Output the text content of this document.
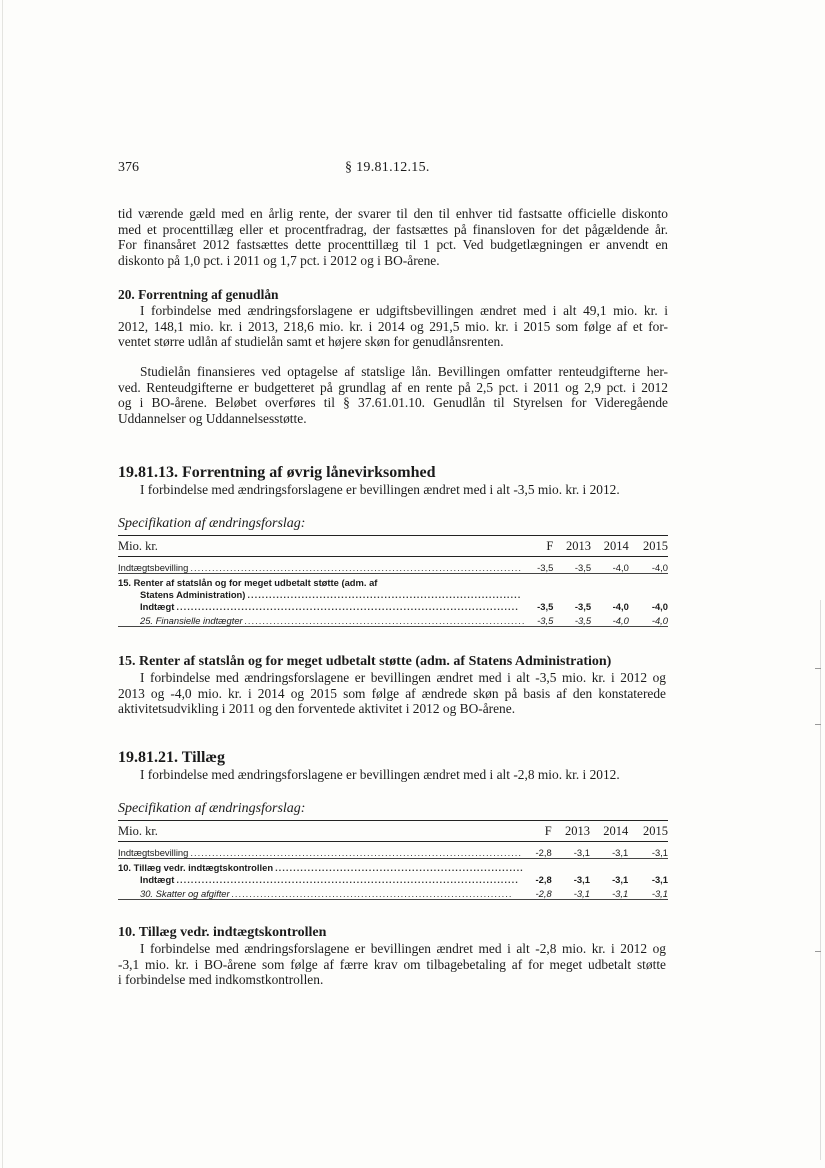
376	§ 19.81.12.15.
tid værende gæld med en årlig rente, der svarer til den til enhver tid fastsatte officielle diskonto
med et procenttillæg eller et procentfradrag, der fastsættes på finansloven for det pågældende år.
For finansåret 2012 fastsættes dette procenttillæg til 1 pct. Ved budgetlægningen er anvendt en
diskonto på 1,0 pct. i 2011 og 1,7 pct. i 2012 og i BO-årene.
20. Forrentning af genudlån
I forbindelse med ændringsforslagene er udgiftsbevillingen ændret med i alt 49,1 mio. kr. i
2012, 148,1 mio. kr. i 2013, 218,6 mio. kr. i 2014 og 291,5 mio. kr. i 2015 som følge af et for-
ventet større udlån af studielån samt et højere skøn for genudlånsrenten.
Studielån finansieres ved optagelse af statslige lån. Bevillingen omfatter renteudgifterne her-
ved. Renteudgifterne er budgetteret på grundlag af en rente på 2,5 pct. i 2011 og 2,9 pct. i 2012
og i BO-årene. Beløbet overføres til § 37.61.01.10. Genudlån til Styrelsen for Videregående
Uddannelser og Uddannelsesstøtte.
19.81.13. Forrentning af øvrig lånevirksomhed
I forbindelse med ændringsforslagene er bevillingen ændret med i alt -3,5 mio. kr. i 2012.
Specifikation af ændringsforslag:
Mio. kr.	F	2013	2014	2015
Indtægtsbevilling ............................................................................................	-3,5	-3,5	-4,0	-4,0
15. Renter af statslån og for meget udbetalt støtte (adm. af				
Statens Administration) ............................................................................				
Indtægt ...............................................................................................	-3,5	-3,5	-4,0	-4,0
25. Finansielle indtægter ..............................................................................	-3,5	-3,5	-4,0	-4,0
15. Renter af statslån og for meget udbetalt støtte (adm. af Statens Administration)
I forbindelse med ændringsforslagene er bevillingen ændret med i alt -3,5 mio. kr. i 2012 og
2013 og -4,0 mio. kr. i 2014 og 2015 som følge af ændrede skøn på basis af den konstaterede
aktivitetsudvikling i 2011 og den forventede aktivitet i 2012 og BO-årene.
19.81.21. Tillæg
I forbindelse med ændringsforslagene er bevillingen ændret med i alt -2,8 mio. kr. i 2012.
Specifikation af ændringsforslag:
Mio. kr.	F	2013	2014	2015
Indtægtsbevilling ............................................................................................	-2,8	-3,1	-3,1	-3,1
10. Tillæg vedr. indtægtskontrollen .....................................................................				
Indtægt ...............................................................................................	-2,8	-3,1	-3,1	-3,1
30. Skatter og afgifter ..............................................................................	-2,8	-3,1	-3,1	-3,1
10. Tillæg vedr. indtægtskontrollen
I forbindelse med ændringsforslagene er bevillingen ændret med i alt -2,8 mio. kr. i 2012 og
-3,1 mio. kr. i BO-årene som følge af færre krav om tilbagebetaling af for meget udbetalt støtte
i forbindelse med indkomstkontrollen.
